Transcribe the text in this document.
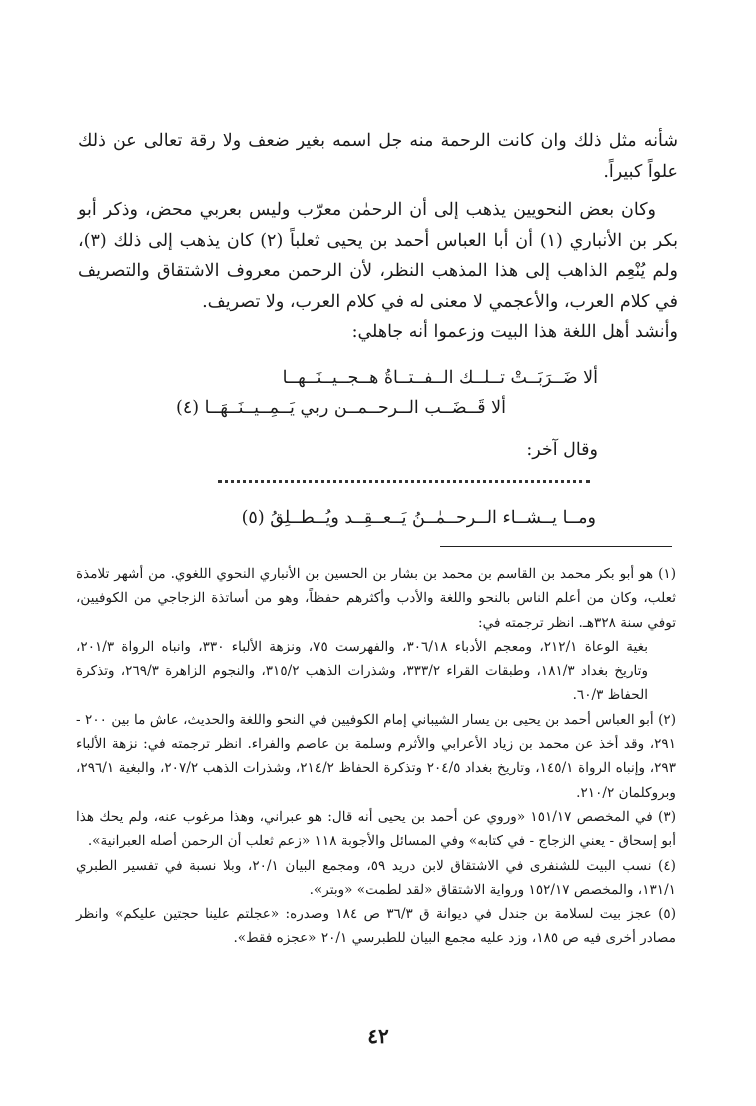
شأنه مثل ذلك وان كانت الرحمة منه جل اسمه بغير ضعف ولا رقة تعالى عن ذلك علواً كبيراً.

وكان بعض النحويين يذهب إلى أن الرحمٰن معرّب وليس بعربي محض، وذكر أبو بكر بن الأنباري (١) أن أبا العباس أحمد بن يحيى ثعلباً (٢) كان يذهب إلى ذلك (٣)، ولم يُنْعِم الذاهب إلى هذا المذهب النظر، لأن الرحمن معروف الاشتقاق والتصريف في كلام العرب، والأعجمي لا معنى له في كلام العرب، ولا تصريف.

وأنشد أهل اللغة هذا البيت وزعموا أنه جاهلي:

ألا ضَــرَبَــتْ تــلــك الــفــتــاةُ هــجــيــنَــهــا
ألا قَــضَــب الــرحــمــن ربي يَــمِــيــنَــهَــا (٤)
وقال آخر:
ومــا يــشــاء الــرحــمٰــنُ يَــعــقِــد ويُــطــلِقُ (٥)

(١) هو أبو بكر محمد بن القاسم بن محمد بن بشار بن الحسين بن الأنباري النحوي اللغوي. من أشهر تلامذة ثعلب، وكان من أعلم الناس بالنحو واللغة والأدب وأكثرهم حفظاً، وهو من أساتذة الزجاجي من الكوفيين، توفي سنة ٣٢٨هـ. انظر ترجمته في:

بغية الوعاة ٢١٢/١، ومعجم الأدباء ٣٠٦/١٨، والفهرست ٧٥، ونزهة الألباء ٣٣٠، وانباه الرواة ٢٠١/٣، وتاريخ بغداد ١٨١/٣، وطبقات القراء ٣٣٣/٢، وشذرات الذهب ٣١٥/٢، والنجوم الزاهرة ٢٦٩/٣، وتذكرة الحفاظ ٦٠/٣.

(٢) أبو العباس أحمد بن يحيى بن يسار الشيباني إمام الكوفيين في النحو واللغة والحديث، عاش ما بين ٢٠٠ - ٢٩١، وقد أخذ عن محمد بن زياد الأعرابي والأثرم وسلمة بن عاصم والفراء. انظر ترجمته في: نزهة الألباء ٢٩٣، وإنباه الرواة ١٤٥/١، وتاريخ بغداد ٢٠٤/٥ وتذكرة الحفاظ ٢١٤/٢، وشذرات الذهب ٢٠٧/٢، والبغية ٢٩٦/١، وبروكلمان ٢١٠/٢.

(٣) في المخصص ١٥١/١٧ «وروي عن أحمد بن يحيى أنه قال: هو عبراني، وهذا مرغوب عنه، ولم يحك هذا أبو إسحاق - يعني الزجاج - في كتابه» وفي المسائل والأجوبة ١١٨ «زعم ثعلب أن الرحمن أصله العبرانية».

(٤) نسب البيت للشنفرى في الاشتقاق لابن دريد ٥٩، ومجمع البيان ٢٠/١، وبلا نسبة في تفسير الطبري ١٣١/١، والمخصص ١٥٢/١٧ ورواية الاشتقاق «لقد لطمت» «وبتر».

(٥) عجز بيت لسلامة بن جندل في ديوانة ق ٣٦/٣ ص ١٨٤ وصدره: «عجلتم علينا حجتين عليكم» وانظر مصادر أخرى فيه ص ١٨٥، وزد عليه مجمع البيان للطبرسي ٢٠/١ «عجزه فقط».

٤٢
